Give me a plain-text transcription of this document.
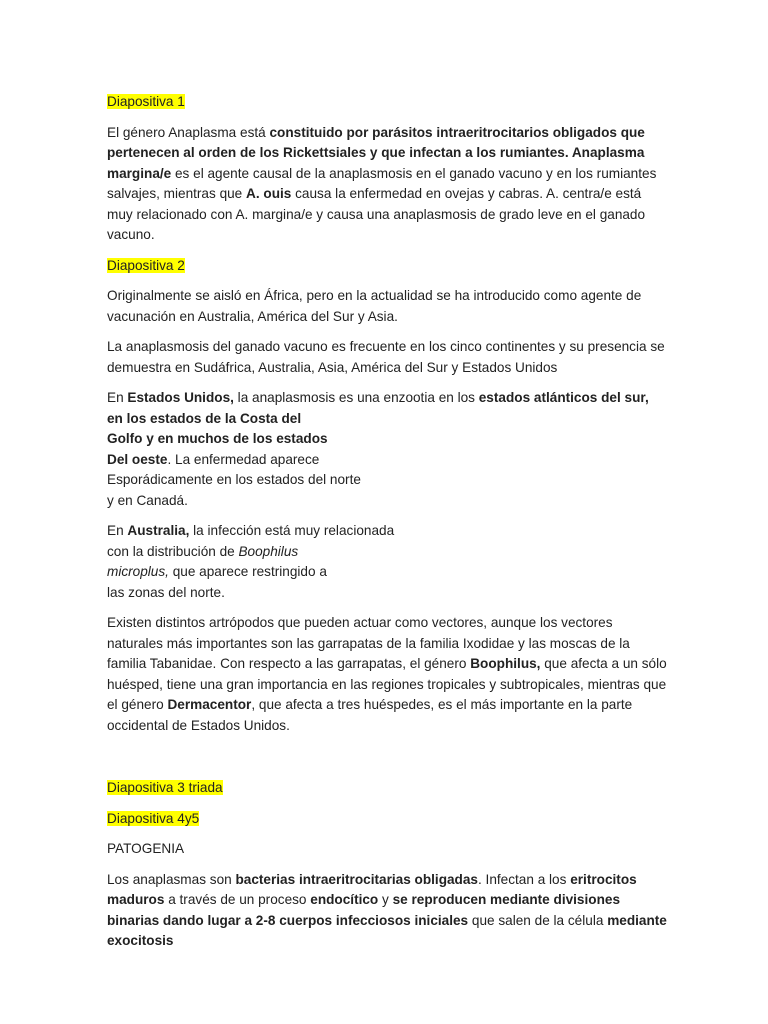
Diapositiva 1

El género Anaplasma está constituido por parásitos intraeritrocitarios obligados que pertenecen al orden de los Rickettsiales y que infectan a los rumiantes. Anaplasma margina/e es el agente causal de la anaplasmosis en el ganado vacuno y en los rumiantes salvajes, mientras que A. ouis causa la enfermedad en ovejas y cabras. A. centra/e está muy relacionado con A. margina/e y causa una anaplasmosis de grado leve en el ganado vacuno.

Diapositiva 2

Originalmente se aisló en África, pero en la actualidad se ha introducido como agente de vacunación en Australia, América del Sur y Asia.

La anaplasmosis del ganado vacuno es frecuente en los cinco continentes y su presencia se demuestra en Sudáfrica, Australia, Asia, América del Sur y Estados Unidos

En Estados Unidos, la anaplasmosis es una enzootia en los estados atlánticos del sur, en los estados de la Costa del
Golfo y en muchos de los estados
Del oeste. La enfermedad aparece
Esporádicamente en los estados del norte
y en Canadá.

En Australia, la infección está muy relacionada
con la distribución de Boophilus
microplus, que aparece restringido a
las zonas del norte.

Existen distintos artrópodos que pueden actuar como vectores, aunque los vectores naturales más importantes son las garrapatas de la familia Ixodidae y las moscas de la familia Tabanidae. Con respecto a las garrapatas, el género Boophilus, que afecta a un sólo huésped, tiene una gran importancia en las regiones tropicales y subtropicales, mientras que el género Dermacentor, que afecta a tres huéspedes, es el más importante en la parte occidental de Estados Unidos.

Diapositiva 3 triada

Diapositiva 4y5

PATOGENIA

Los anaplasmas son bacterias intraeritrocitarias obligadas. Infectan a los eritrocitos maduros a través de un proceso endocítico y se reproducen mediante divisiones binarias dando lugar a 2-8 cuerpos infecciosos iniciales que salen de la célula mediante exocitosis
